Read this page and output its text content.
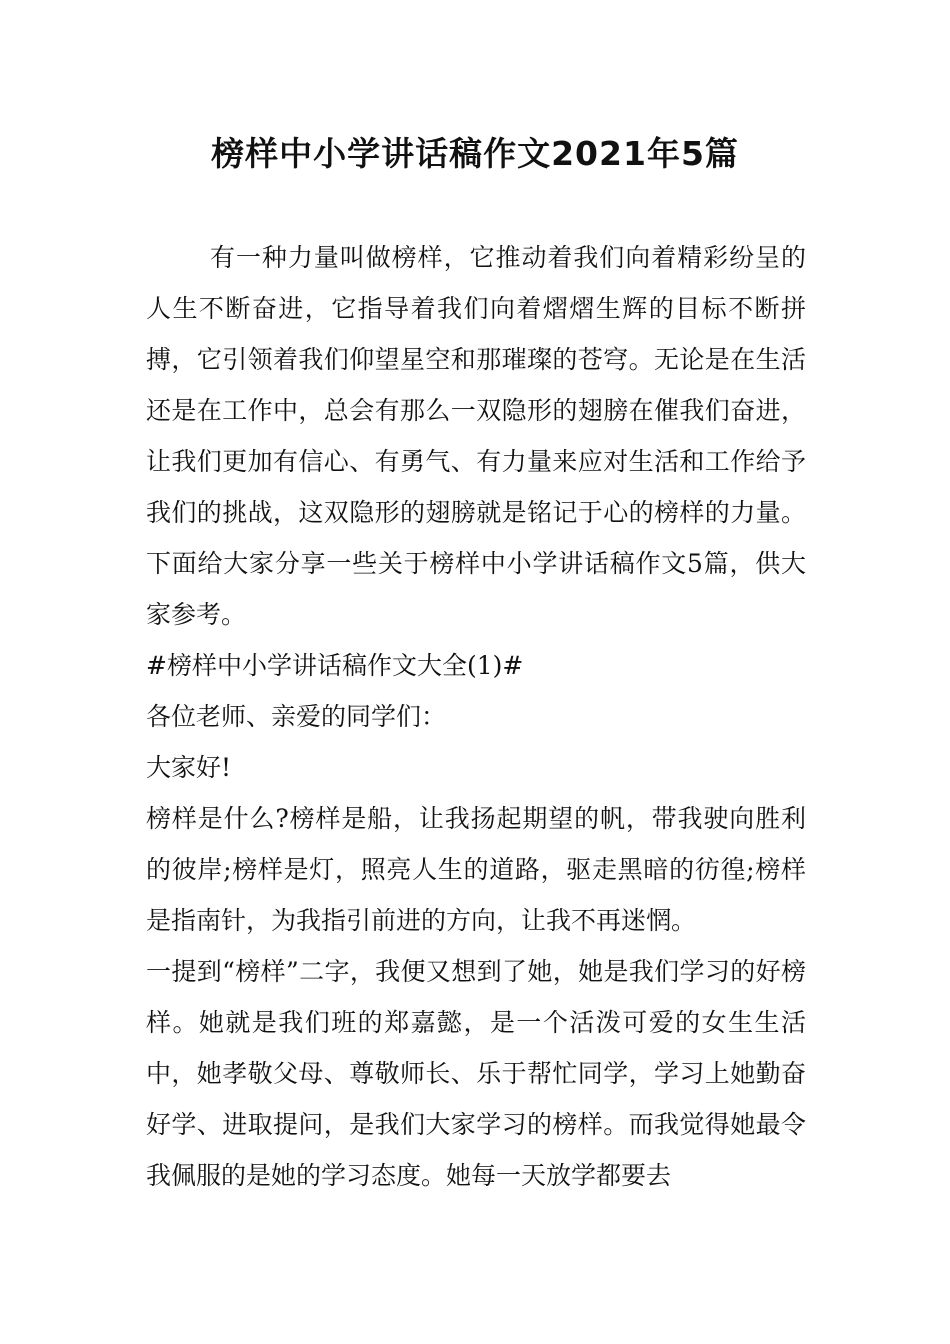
榜样中小学讲话稿作文2021年5篇

有一种力量叫做榜样，它推动着我们向着精彩纷呈的人生不断奋进，它指导着我们向着熠熠生辉的目标不断拼搏，它引领着我们仰望星空和那璀璨的苍穹。无论是在生活还是在工作中，总会有那么一双隐形的翅膀在催我们奋进，让我们更加有信心、有勇气、有力量来应对生活和工作给予我们的挑战，这双隐形的翅膀就是铭记于心的榜样的力量。下面给大家分享一些关于榜样中小学讲话稿作文5篇，供大家参考。

#榜样中小学讲话稿作文大全(1)#

各位老师、亲爱的同学们：

大家好!

榜样是什么?榜样是船，让我扬起期望的帆，带我驶向胜利的彼岸;榜样是灯，照亮人生的道路，驱走黑暗的彷徨;榜样是指南针，为我指引前进的方向，让我不再迷惘。

一提到“榜样”二字，我便又想到了她，她是我们学习的好榜样。她就是我们班的郑嘉懿，是一个活泼可爱的女生生活中，她孝敬父母、尊敬师长、乐于帮忙同学，学习上她勤奋好学、进取提问，是我们大家学习的榜样。而我觉得她最令我佩服的是她的学习态度。她每一天放学都要去
